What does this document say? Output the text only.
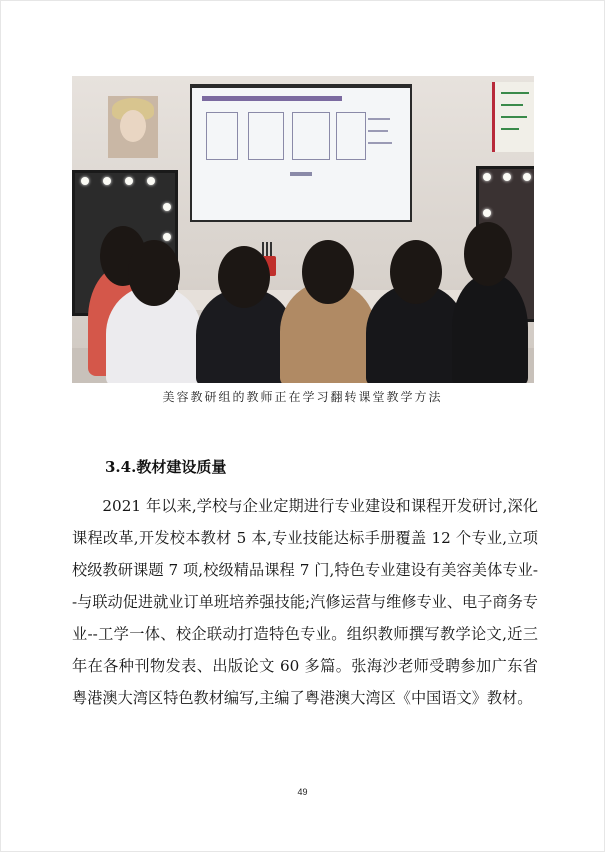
美容教研组的教师正在学习翻转课堂教学方法
3.4.教材建设质量

2021 年以来,学校与企业定期进行专业建设和课程开发研讨,深化课程改革,开发校本教材 5 本,专业技能达标手册覆盖 12 个专业,立项校级教研课题 7 项,校级精品课程 7 门,特色专业建设有美容美体专业--与联动促进就业订单班培养强技能;汽修运营与维修专业、电子商务专业--工学一体、校企联动打造特色专业。组织教师撰写教学论文,近三年在各种刊物发表、出版论文 60 多篇。张海沙老师受聘参加广东省粤港澳大湾区特色教材编写,主编了粤港澳大湾区《中国语文》教材。

49
